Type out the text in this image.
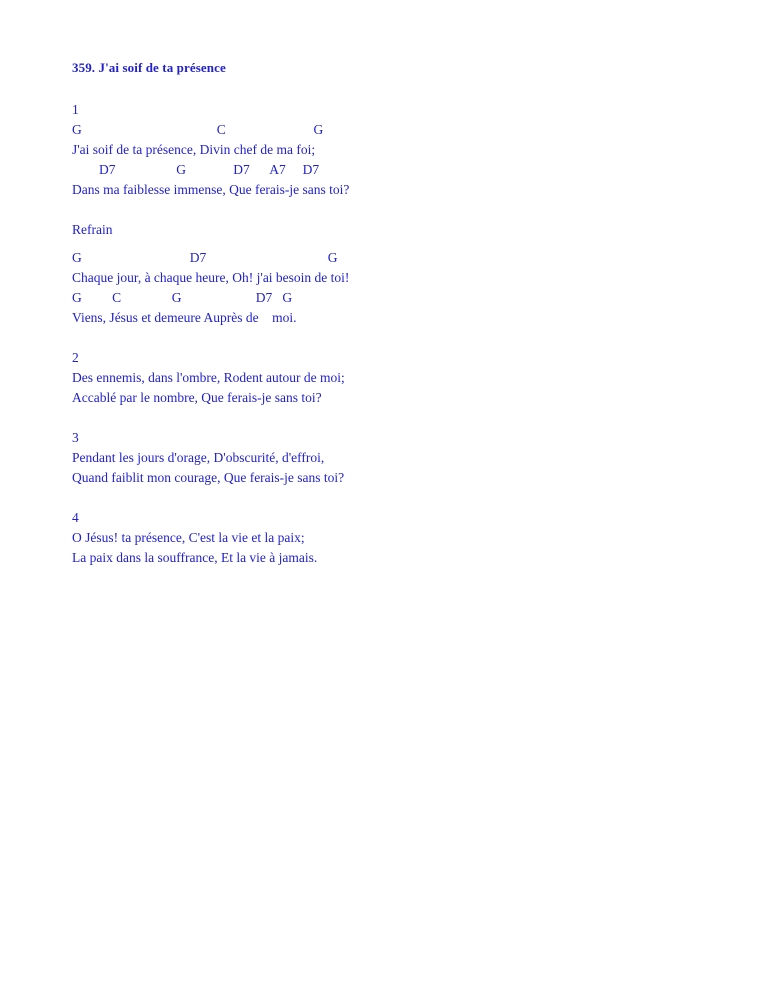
359. J'ai soif de ta présence
1
G                                        C                          G
J'ai soif de ta présence, Divin chef de ma foi;
D7                  G              D7      A7     D7
Dans ma faiblesse immense, Que ferais-je sans toi?
Refrain
G                                D7                                    G
Chaque jour, à chaque heure, Oh! j'ai besoin de toi!
G         C               G                      D7   G
Viens, Jésus et demeure Auprès de    moi.
2
Des ennemis, dans l'ombre, Rodent autour de moi;
Accablé par le nombre, Que ferais-je sans toi?
3
Pendant les jours d'orage, D'obscurité, d'effroi,
Quand faiblit mon courage, Que ferais-je sans toi?
4
O Jésus! ta présence, C'est la vie et la paix;
La paix dans la souffrance, Et la vie à jamais.
